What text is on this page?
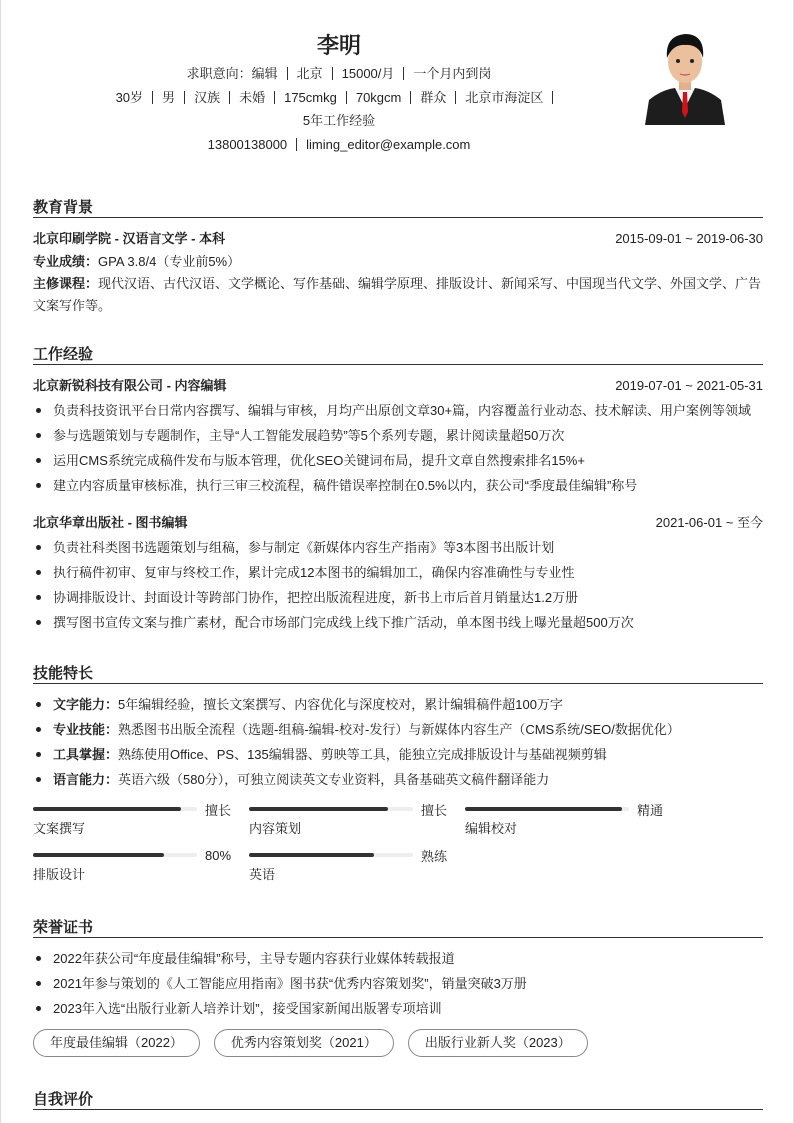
李明
求职意向：编辑 北京 15000/月 一个月内到岗
30岁 男 汉族 未婚 175cmkg 70kgcm 群众 北京市海淀区
5年工作经验
13800138000 liming_editor@example.com
教育背景
北京印刷学院 - 汉语言文学 - 本科	2015-09-01 ~ 2019-06-30
专业成绩：GPA 3.8/4（专业前5%）
主修课程：现代汉语、古代汉语、文学概论、写作基础、编辑学原理、排版设计、新闻采写、中国现当代文学、外国文学、广告文案写作等。
工作经验
北京新锐科技有限公司 - 内容编辑	2019-07-01 ~ 2021-05-31
负责科技资讯平台日常内容撰写、编辑与审核，月均产出原创文章30+篇，内容覆盖行业动态、技术解读、用户案例等领域
参与选题策划与专题制作，主导“人工智能发展趋势”等5个系列专题，累计阅读量超50万次
运用CMS系统完成稿件发布与版本管理，优化SEO关键词布局，提升文章自然搜索排名15%+
建立内容质量审核标准，执行三审三校流程，稿件错误率控制在0.5%以内，获公司“季度最佳编辑”称号
北京华章出版社 - 图书编辑	2021-06-01 ~ 至今
负责社科类图书选题策划与组稿，参与制定《新媒体内容生产指南》等3本图书出版计划
执行稿件初审、复审与终校工作，累计完成12本图书的编辑加工，确保内容准确性与专业性
协调排版设计、封面设计等跨部门协作，把控出版流程进度，新书上市后首月销量达1.2万册
撰写图书宣传文案与推广素材，配合市场部门完成线上线下推广活动，单本图书线上曝光量超500万次
技能特长
文字能力：5年编辑经验，擅长文案撰写、内容优化与深度校对，累计编辑稿件超100万字
专业技能：熟悉图书出版全流程（选题-组稿-编辑-校对-发行）与新媒体内容生产（CMS系统/SEO/数据优化）
工具掌握：熟练使用Office、PS、135编辑器、剪映等工具，能独立完成排版设计与基础视频剪辑
语言能力：英语六级（580分），可独立阅读英文专业资料，具备基础英文稿件翻译能力
擅长
文案撰写
擅长
内容策划
精通
编辑校对
80%
排版设计
熟练
英语
荣誉证书
2022年获公司“年度最佳编辑”称号，主导专题内容获行业媒体转载报道
2021年参与策划的《人工智能应用指南》图书获“优秀内容策划奖”，销量突破3万册
2023年入选“出版行业新人培养计划”，接受国家新闻出版署专项培训
年度最佳编辑（2022）	优秀内容策划奖（2021）	出版行业新人奖（2023）
自我评价
